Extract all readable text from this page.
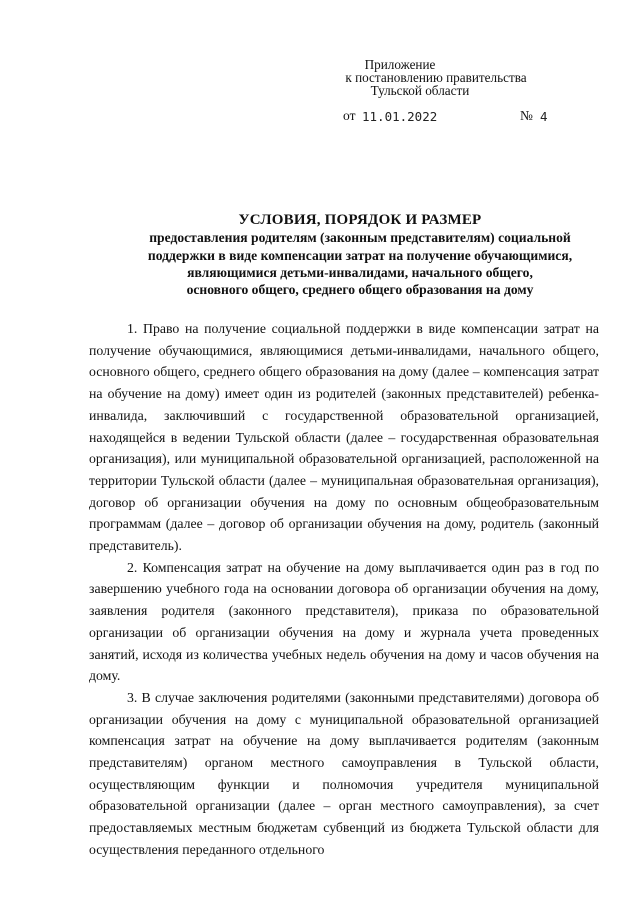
Приложение
к постановлению правительства
Тульской области
от 11.01.2022	№ 4
УСЛОВИЯ, ПОРЯДОК И РАЗМЕР
предоставления родителям (законным представителям) социальной
поддержки в виде компенсации затрат на получение обучающимися,
являющимися детьми-инвалидами, начального общего,
основного общего, среднего общего образования на дому

1. Право на получение социальной поддержки в виде компенсации затрат на получение обучающимися, являющимися детьми-инвалидами, начального общего, основного общего, среднего общего образования на дому (далее – компенсация затрат на обучение на дому) имеет один из родителей (законных представителей) ребенка-инвалида, заключивший с государственной образовательной организацией, находящейся в ведении Тульской области (далее – государственная образовательная организация), или муниципальной образовательной организацией, расположенной на территории Тульской области (далее – муниципальная образовательная организация), договор об организации обучения на дому по основным общеобразовательным программам (далее – договор об организации обучения на дому, родитель (законный представитель).

2. Компенсация затрат на обучение на дому выплачивается один раз в год по завершению учебного года на основании договора об организации обучения на дому, заявления родителя (законного представителя), приказа по образовательной организации об организации обучения на дому и журнала учета проведенных занятий, исходя из количества учебных недель обучения на дому и часов обучения на дому.

3. В случае заключения родителями (законными представителями) договора об организации обучения на дому с муниципальной образовательной организацией компенсация затрат на обучение на дому выплачивается родителям (законным представителям) органом местного самоуправления в Тульской области, осуществляющим функции и полномочия учредителя муниципальной образовательной организации (далее – орган местного самоуправления), за счет предоставляемых местным бюджетам субвенций из бюджета Тульской области для осуществления переданного отдельного
